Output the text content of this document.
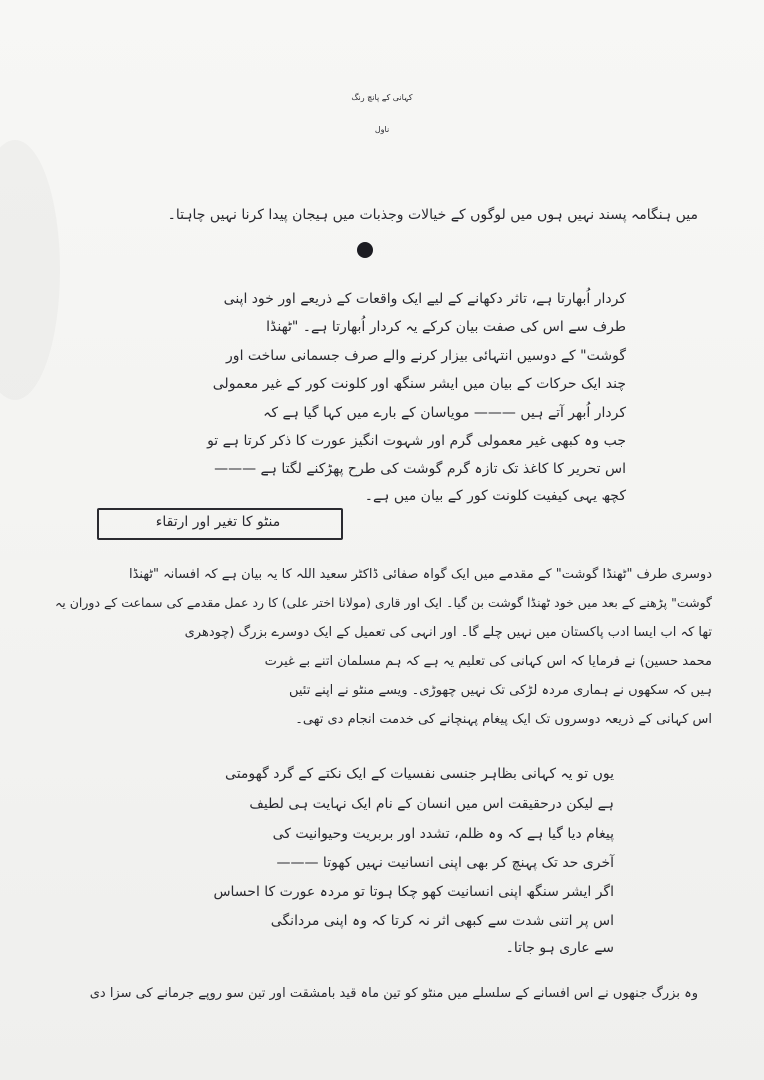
کہانی کے پانچ رنگ
ناول
میں ہنگامہ پسند نہیں ہوں میں لوگوں کے خیالات وجذبات میں ہیجان پیدا کرنا نہیں چاہتا۔
کردار اُبھارتا ہے، تاثر دکھانے کے لیے ایک واقعات کے ذریعے اور خود اپنی
طرف سے اس کی صفت بیان کرکے یہ کردار اُبھارتا ہے۔ "ٹھنڈا
گوشت" کے دوسیں انتہائی بیزار کرنے والے صرف جسمانی ساخت اور
چند ایک حرکات کے بیان میں ایشر سنگھ اور کلونت کور کے غیر معمولی
کردار اُبھر آتے ہیں ——— مویاسان کے بارے میں کہا گیا ہے کہ
جب وہ کبھی غیر معمولی گرم اور شہوت انگیز عورت کا ذکر کرتا ہے تو
اس تحریر کا کاغذ تک تازہ گرم گوشت کی طرح پھڑکنے لگتا ہے ———
کچھ یہی کیفیت کلونت کور کے بیان میں ہے۔
منٹو کا تغیر اور ارتقاء
دوسری طرف "ٹھنڈا گوشت" کے مقدمے میں ایک گواہ صفائی ڈاکٹر سعید اللہ کا یہ بیان ہے کہ افسانہ "ٹھنڈا
گوشت" پڑھنے کے بعد میں خود ٹھنڈا گوشت بن گیا۔ ایک اور قاری (مولانا اختر علی) کا رد عمل مقدمے کی سماعت کے دوران یہ
تھا کہ اب ایسا ادب پاکستان میں نہیں چلے گا۔ اور انہی کی تعمیل کے ایک دوسرے بزرگ (چودھری
محمد حسین) نے فرمایا کہ اس کہانی کی تعلیم یہ ہے کہ ہم مسلمان اتنے بے غیرت
ہیں کہ سکھوں نے ہماری مردہ لڑکی تک نہیں چھوڑی۔ ویسے منٹو نے اپنے تئیں
اس کہانی کے ذریعہ دوسروں تک ایک پیغام پہنچانے کی خدمت انجام دی تھی۔
یوں تو یہ کہانی بظاہر جنسی نفسیات کے ایک نکتے کے گرد گھومتی
ہے لیکن درحقیقت اس میں انسان کے نام ایک نہایت ہی لطیف
پیغام دیا گیا ہے کہ وہ ظلم، تشدد اور بربریت وحیوانیت کی
آخری حد تک پہنچ کر بھی اپنی انسانیت نہیں کھوتا ———
اگر ایشر سنگھ اپنی انسانیت کھو چکا ہوتا تو مردہ عورت کا احساس
اس پر اتنی شدت سے کبھی اثر نہ کرتا کہ وہ اپنی مردانگی
سے عاری ہو جاتا۔
وہ بزرگ جنھوں نے اس افسانے کے سلسلے میں منٹو کو تین ماہ قید بامشقت اور تین سو روپے جرمانے کی سزا دی
